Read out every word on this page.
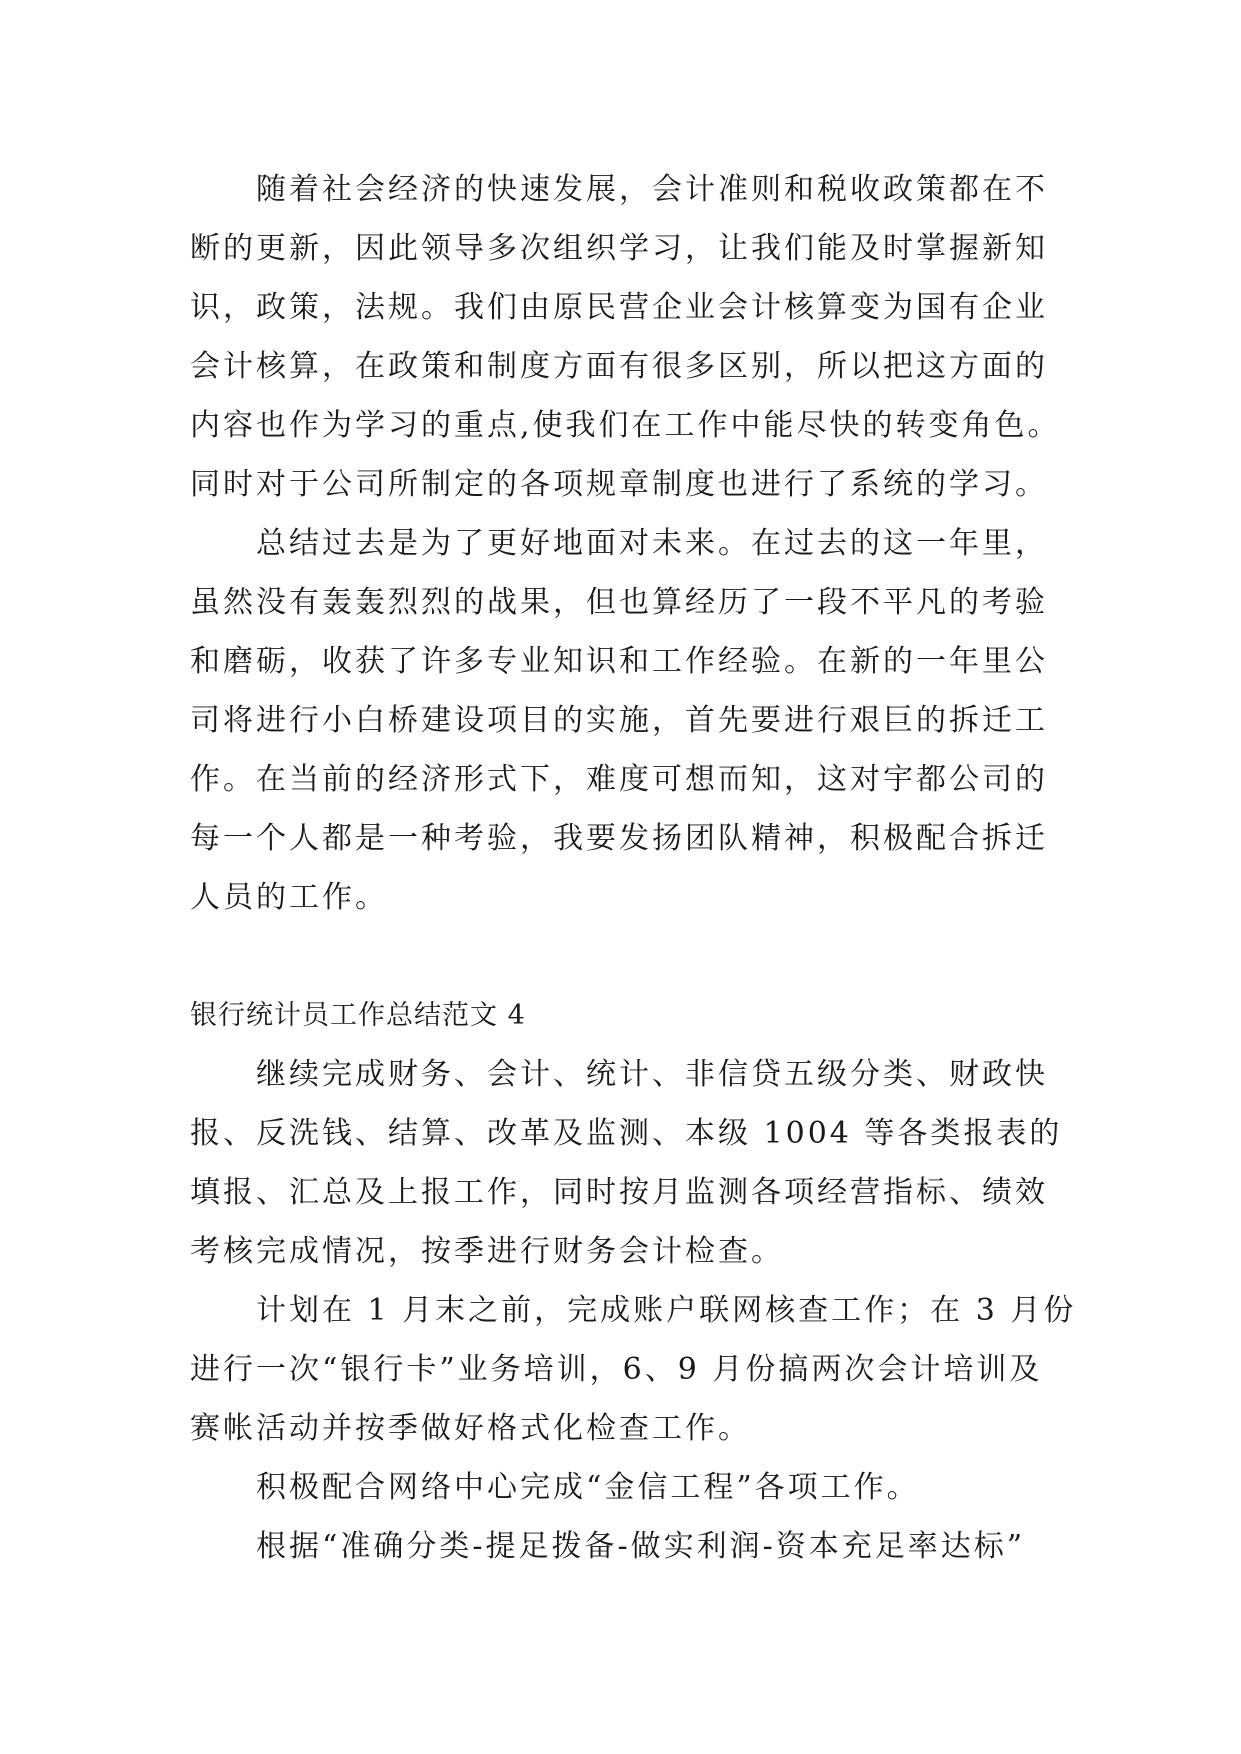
随着社会经济的快速发展，会计准则和税收政策都在不
断的更新，因此领导多次组织学习，让我们能及时掌握新知
识，政策，法规。我们由原民营企业会计核算变为国有企业
会计核算，在政策和制度方面有很多区别，所以把这方面的
内容也作为学习的重点,使我们在工作中能尽快的转变角色。
同时对于公司所制定的各项规章制度也进行了系统的学习。
总结过去是为了更好地面对未来。在过去的这一年里，
虽然没有轰轰烈烈的战果，但也算经历了一段不平凡的考验
和磨砺，收获了许多专业知识和工作经验。在新的一年里公
司将进行小白桥建设项目的实施，首先要进行艰巨的拆迁工
作。在当前的经济形式下，难度可想而知，这对宇都公司的
每一个人都是一种考验，我要发扬团队精神，积极配合拆迁
人员的工作。
银行统计员工作总结范文 4
继续完成财务、会计、统计、非信贷五级分类、财政快
报、反洗钱、结算、改革及监测、本级 1004 等各类报表的
填报、汇总及上报工作，同时按月监测各项经营指标、绩效
考核完成情况，按季进行财务会计检查。
计划在 1 月末之前，完成账户联网核查工作；在 3 月份
进行一次“银行卡”业务培训，6、9 月份搞两次会计培训及
赛帐活动并按季做好格式化检查工作。
积极配合网络中心完成“金信工程”各项工作。
根据“准确分类-提足拨备-做实利润-资本充足率达标”
